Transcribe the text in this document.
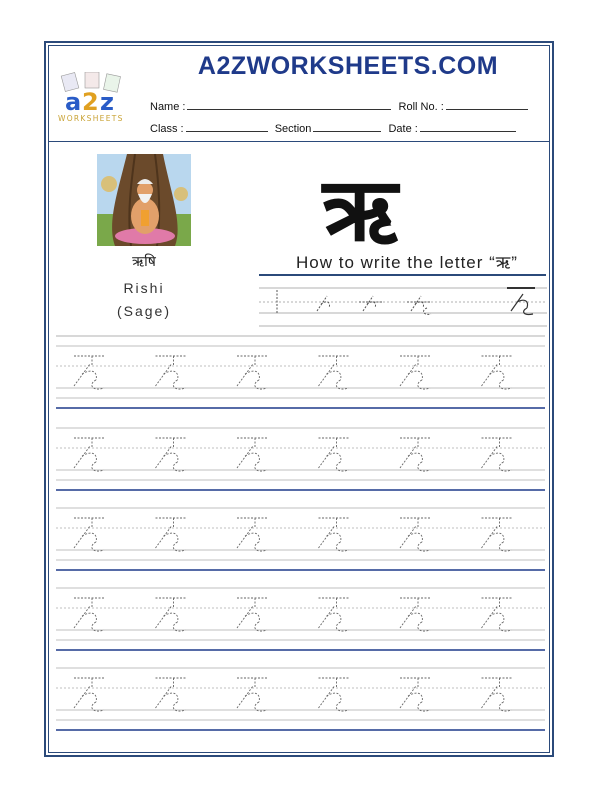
A2ZWORKSHEETS.COM
a 2 z
WORKSHEETS
Name :	Roll No. :
Class :	Section	Date :
ऋषि
Rishi
(Sage)
ऋ
How to write the letter “ऋ”
